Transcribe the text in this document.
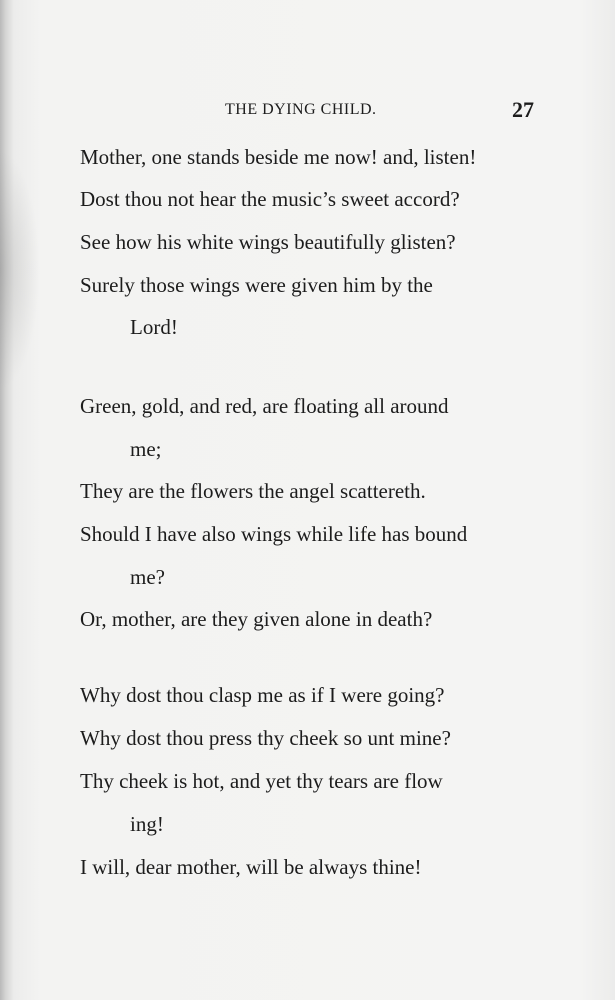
THE DYING CHILD.	27
Mother, one stands beside me now! and, listen!
Dost thou not hear the music’s sweet accord?
See how his white wings beautifully glisten?
Surely those wings were given him by the
Lord!
Green, gold, and red, are floating all around
me;
They are the flowers the angel scattereth.
Should I have also wings while life has bound
me?
Or, mother, are they given alone in death?
Why dost thou clasp me as if I were going?
Why dost thou press thy cheek so unt mine?
Thy cheek is hot, and yet thy tears are flow
ing!
I will, dear mother, will be always thine!
